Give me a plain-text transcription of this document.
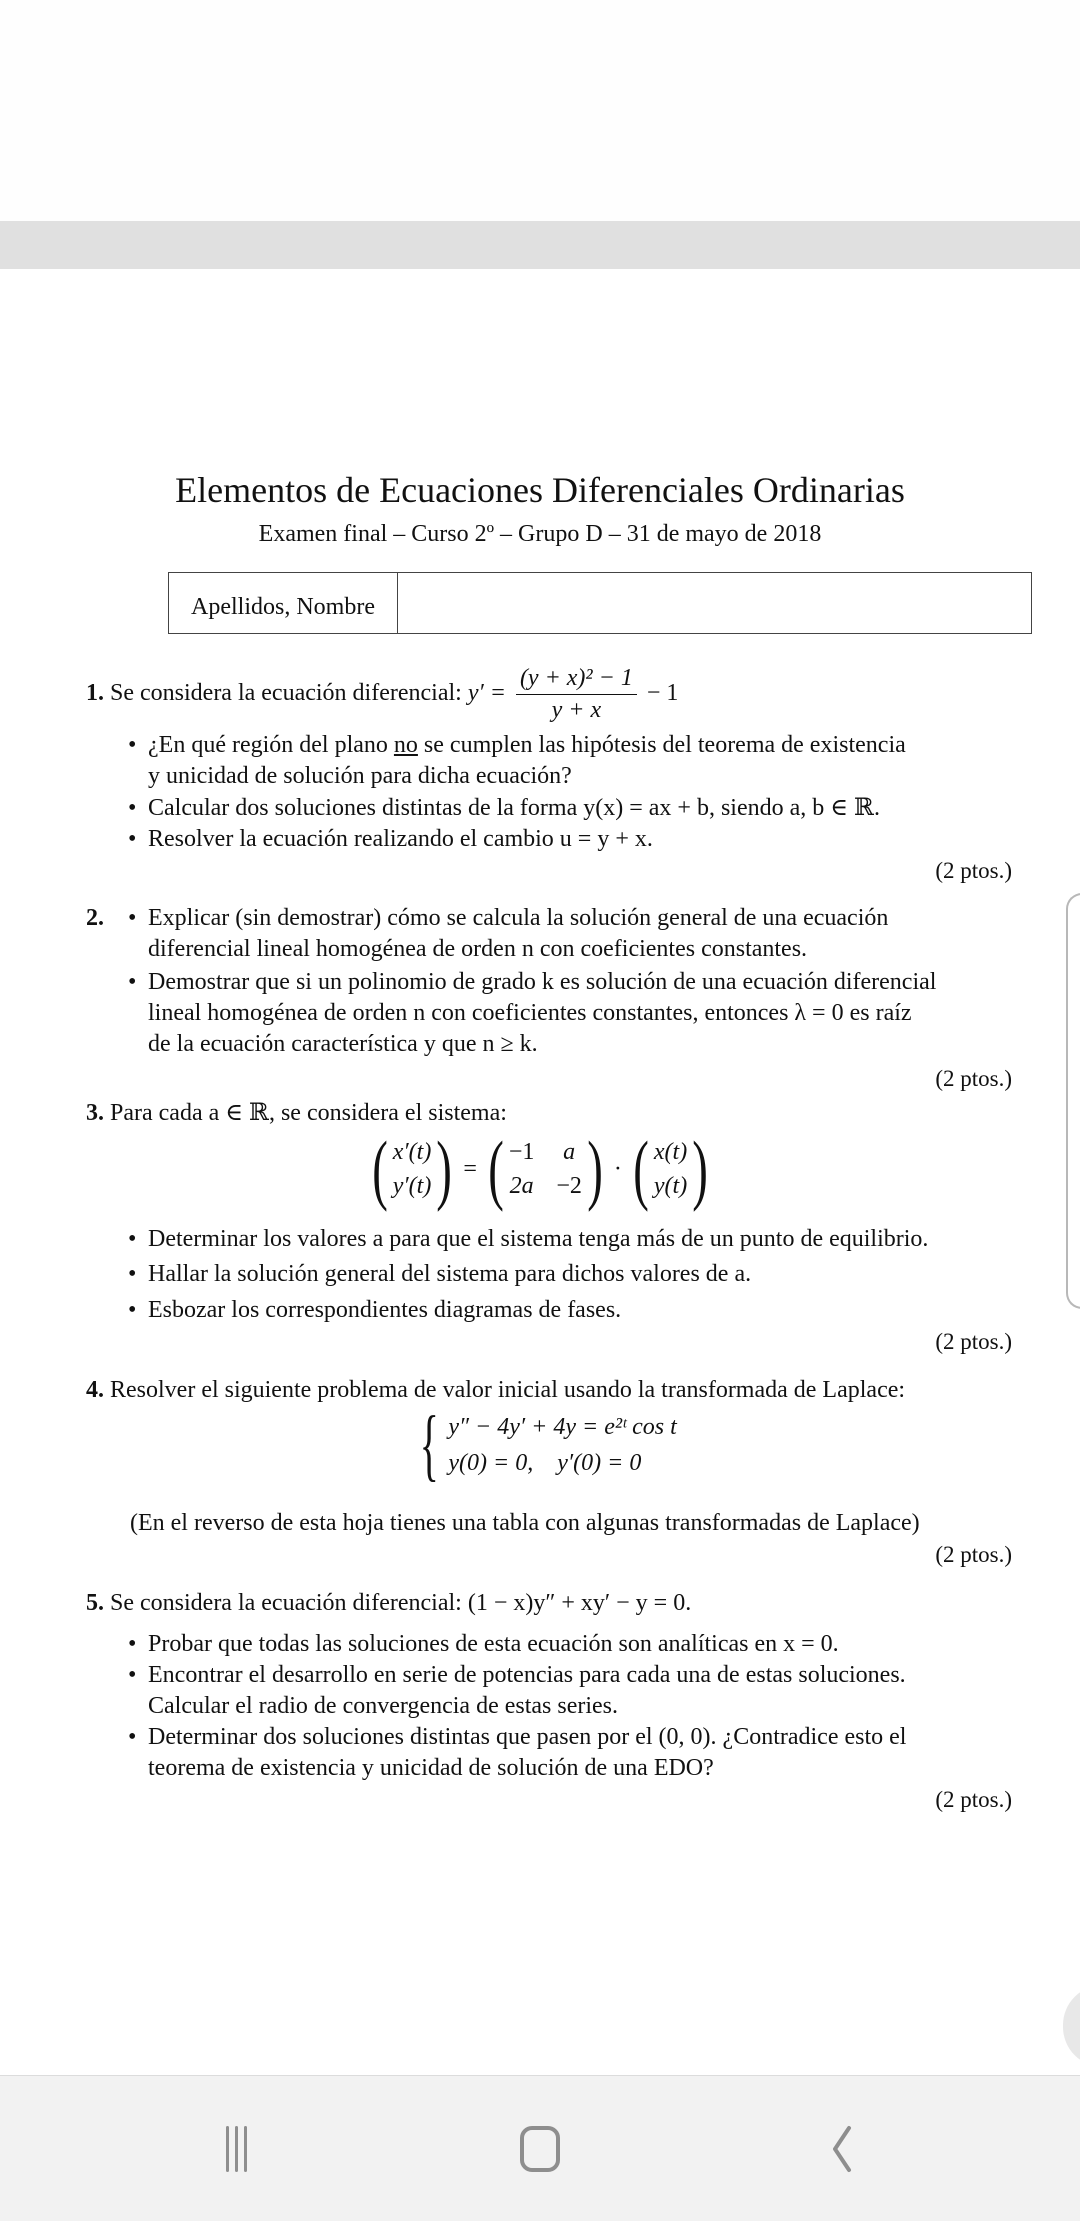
Elementos de Ecuaciones Diferenciales Ordinarias
Examen final – Curso 2º – Grupo D – 31 de mayo de 2018
Apellidos, Nombre
1. Se considera la ecuación diferencial: $y' = \frac{\text{(y + x)² − 1}}{y + x} - 1$
• ¿En qué región del plano no se cumplen las hipótesis del teorema de existencia
y unicidad de solución para dicha ecuación?
• Calcular dos soluciones distintas de la forma y(x) = ax + b, siendo a, b ∈ ℝ.
• Resolver la ecuación realizando el cambio u = y + x.
(2 ptos.)
2.	• Explicar (sin demostrar) cómo se calcula la solución general de una ecuación
diferencial lineal homogénea de orden n con coeficientes constantes.
• Demostrar que si un polinomio de grado k es solución de una ecuación diferencial
lineal homogénea de orden n con coeficientes constantes, entonces λ = 0 es raíz
de la ecuación característica y que n ≥ k.
(2 ptos.)
3. Para cada a ∈ ℝ, se considera el sistema:
( x′(t)
y′(t) ) = ( −1 a
2a −2 ) · ( x(t)
y(t) )
• Determinar los valores a para que el sistema tenga más de un punto de equilibrio.
• Hallar la solución general del sistema para dichos valores de a.
• Esbozar los correspondientes diagramas de fases.
(2 ptos.)
4. Resolver el siguiente problema de valor inicial usando la transformada de Laplace:
{ y″ − 4y′ + 4y = e²ᵗ cos t
y(0) = 0,    y′(0) = 0
(En el reverso de esta hoja tienes una tabla con algunas transformadas de Laplace)
(2 ptos.)
5. Se considera la ecuación diferencial: (1 − x)y″ + xy′ − y = 0.
• Probar que todas las soluciones de esta ecuación son analíticas en x = 0.
• Encontrar el desarrollo en serie de potencias para cada una de estas soluciones.
Calcular el radio de convergencia de estas series.
• Determinar dos soluciones distintas que pasen por el (0, 0). ¿Contradice esto el
teorema de existencia y unicidad de solución de una EDO?
(2 ptos.)
